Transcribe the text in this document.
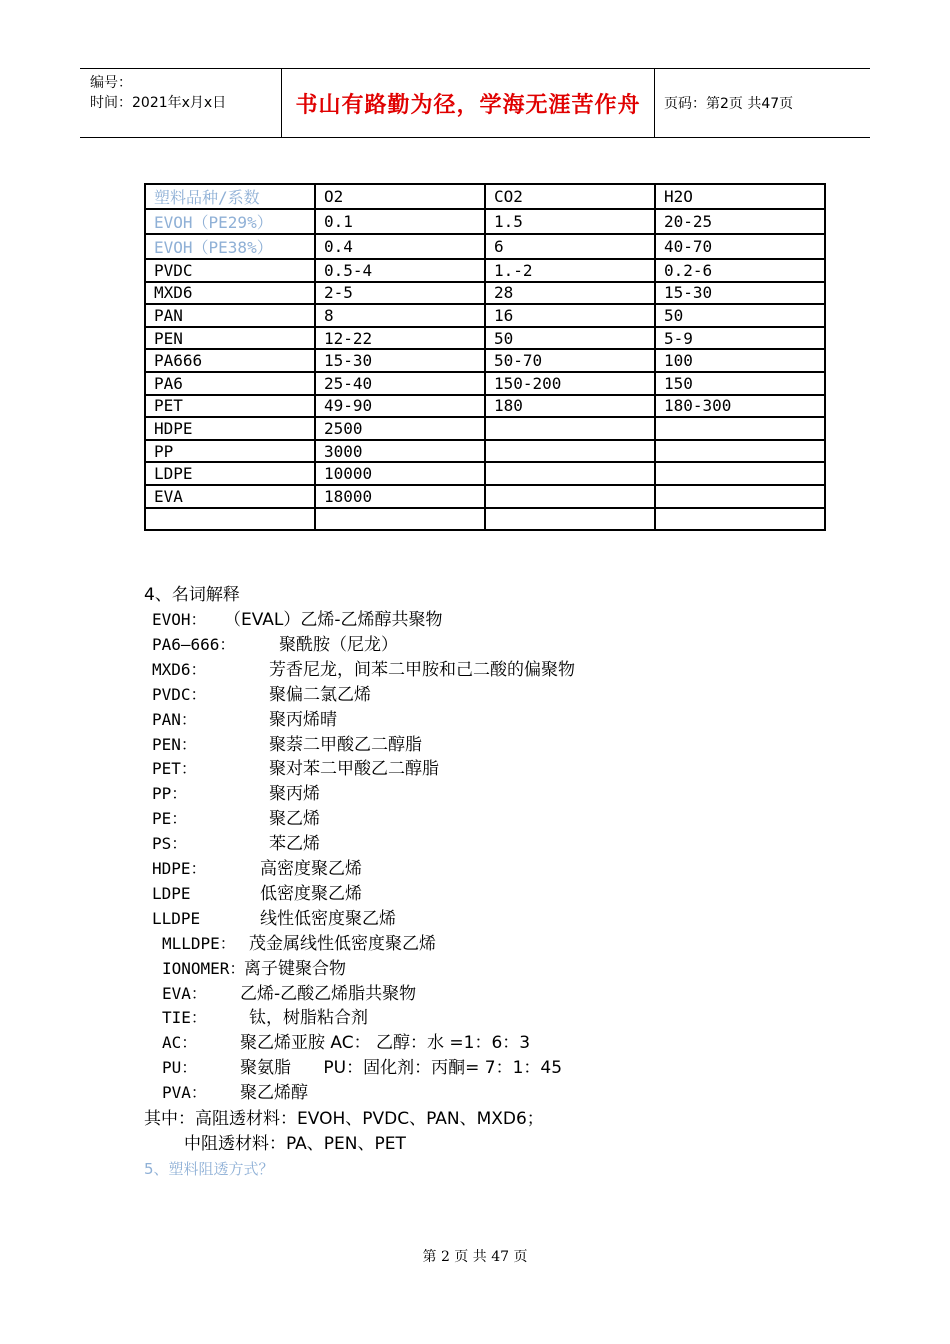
编号：
时间：2021年x月x日	书山有路勤为径，学海无涯苦作舟	页码：第2页 共47页
塑料品种/系数	O2	CO2	H2O
EVOH（PE29%）	0.1	1.5	20-25
EVOH（PE38%）	0.4	6	40-70
PVDC	0.5-4	1.-2	0.2-6
MXD6	2-5	28	15-30
PAN	8	16	50
PEN	12-22	50	5-9
PA666	15-30	50-70	100
PA6	25-40	150-200	150
PET	49-90	180	180-300
HDPE	2500		
PP	3000		
LDPE	10000		
EVA	18000		

4、名词解释
EVOH： （EVAL）乙烯-乙烯醇共聚物
PA6—666：	聚酰胺（尼龙）
MXD6：	芳香尼龙，间苯二甲胺和己二酸的偏聚物
PVDC：	聚偏二氯乙烯
PAN：	聚丙烯晴
PEN：	聚萘二甲酸乙二醇脂
PET：	聚对苯二甲酸乙二醇脂
PP：	聚丙烯
PE：	聚乙烯
PS：	苯乙烯
HDPE：	高密度聚乙烯
LDPE	低密度聚乙烯
LLDPE	线性低密度聚乙烯
MLLDPE： 茂金属线性低密度聚乙烯
IONOMER：
离子键聚合物
EVA： 乙烯-乙酸乙烯脂共聚物
TIE： 钛，树脂粘合剂
AC：	聚乙烯亚胺 AC： 乙醇：水 =1：6：3
PU：	聚氨脂      PU：固化剂：丙酮= 7：1：45
PVA： 聚乙烯醇
其中：高阻透材料：EVOH、PVDC、PAN、MXD6；
中阻透材料：PA、PEN、PET
5、塑料阻透方式？
第 2 页 共 47 页
